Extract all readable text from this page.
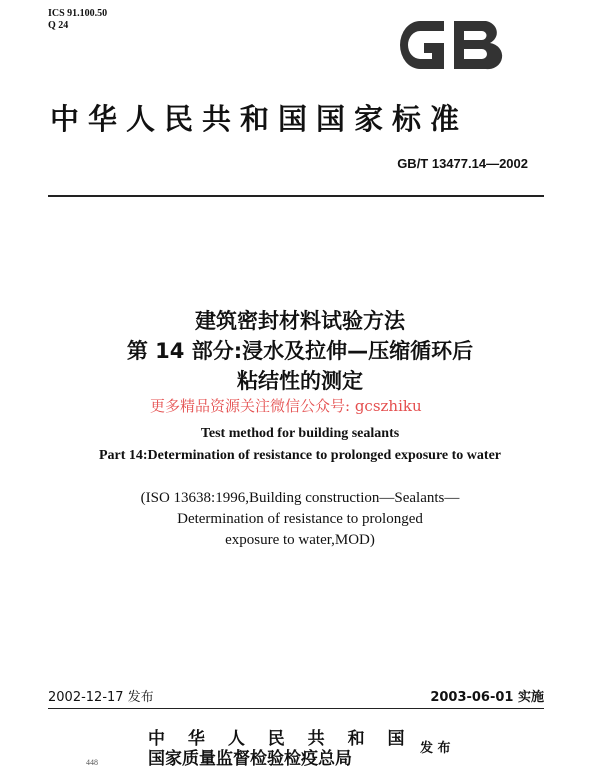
ICS 91.100.50
Q 24
中华人民共和国国家标准
GB/T 13477.14—2002
建筑密封材料试验方法
第 14 部分:浸水及拉伸—压缩循环后
粘结性的测定
更多精品资源关注微信公众号: gcszhiku
Test method for building sealants
Part 14:Determination of resistance to prolonged exposure to water
(ISO 13638:1996,Building construction—Sealants—
Determination of resistance to prolonged
exposure to water,MOD)
2002-12-17 发布	2003-06-01 实施
中 华 人 民 共 和 国
国家质量监督检验检疫总局
发 布
448
